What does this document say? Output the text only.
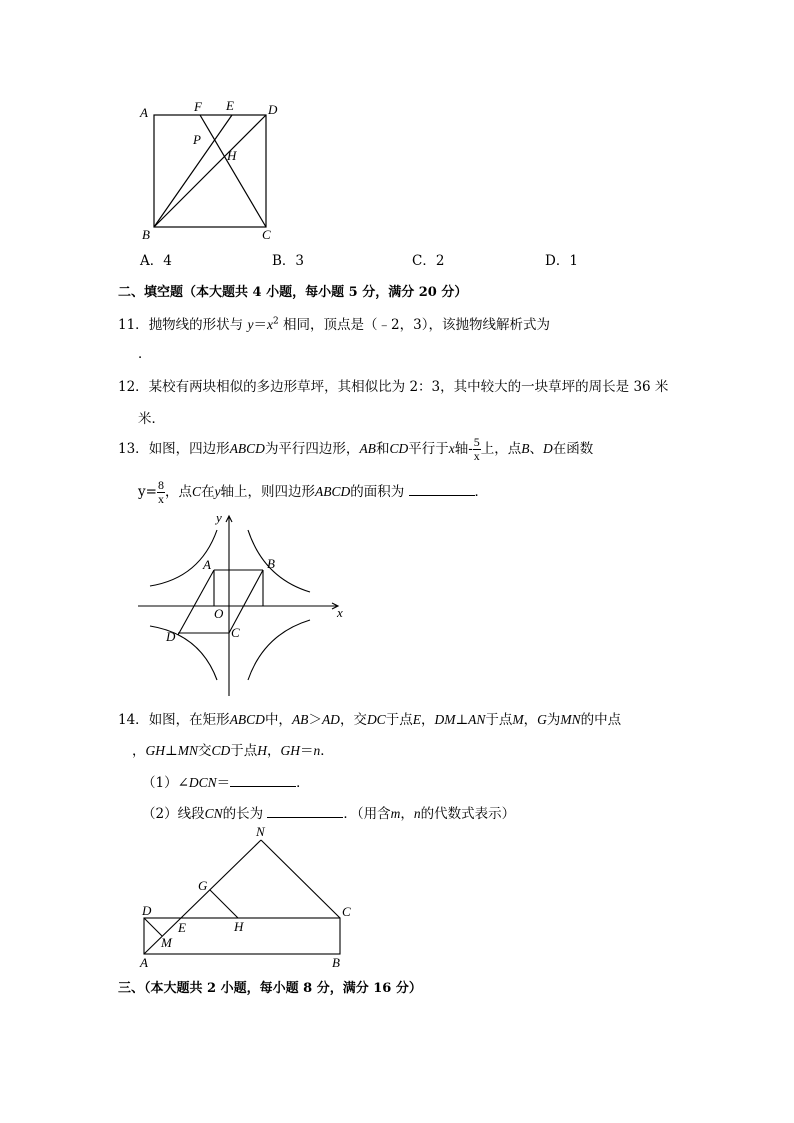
A	F E	D
P
H
B	C
A．4	B．3	C．2	D．1
二、填空题（本大题共 4 小题，每小题 5 分，满分 20 分）
11．抛物线的形状与 $y=x^2$ 相同，顶点是（﹣2，3），该抛物线解析式为
．
12．某校有两块相似的多边形草坪，其相似比为 2：3，其中较大的一块草坪的周长是 36 米
米．
13．如图，四边形ABCD为平行四边形，AB和CD平行于x轴- $\frac{5}{x}$ 上，点B、D在函数
$y= \frac{8}{x}$ ，点C在y轴上，则四边形ABCD的面积为	．
y
x
A	B
O
C
D
14．如图，在矩形ABCD中，AB＞AD，交DC于点E，DM⊥AN于点M，G为MN的中点
，GH⊥MN交CD于点H，GH＝n．
（1）∠DCN＝	．
（2）线段CN的长为	．（用含m，n的代数式表示）
N
G
D
E	H
C
M
A	B
三、（本大题共 2 小题，每小题 8 分，满分 16 分）
